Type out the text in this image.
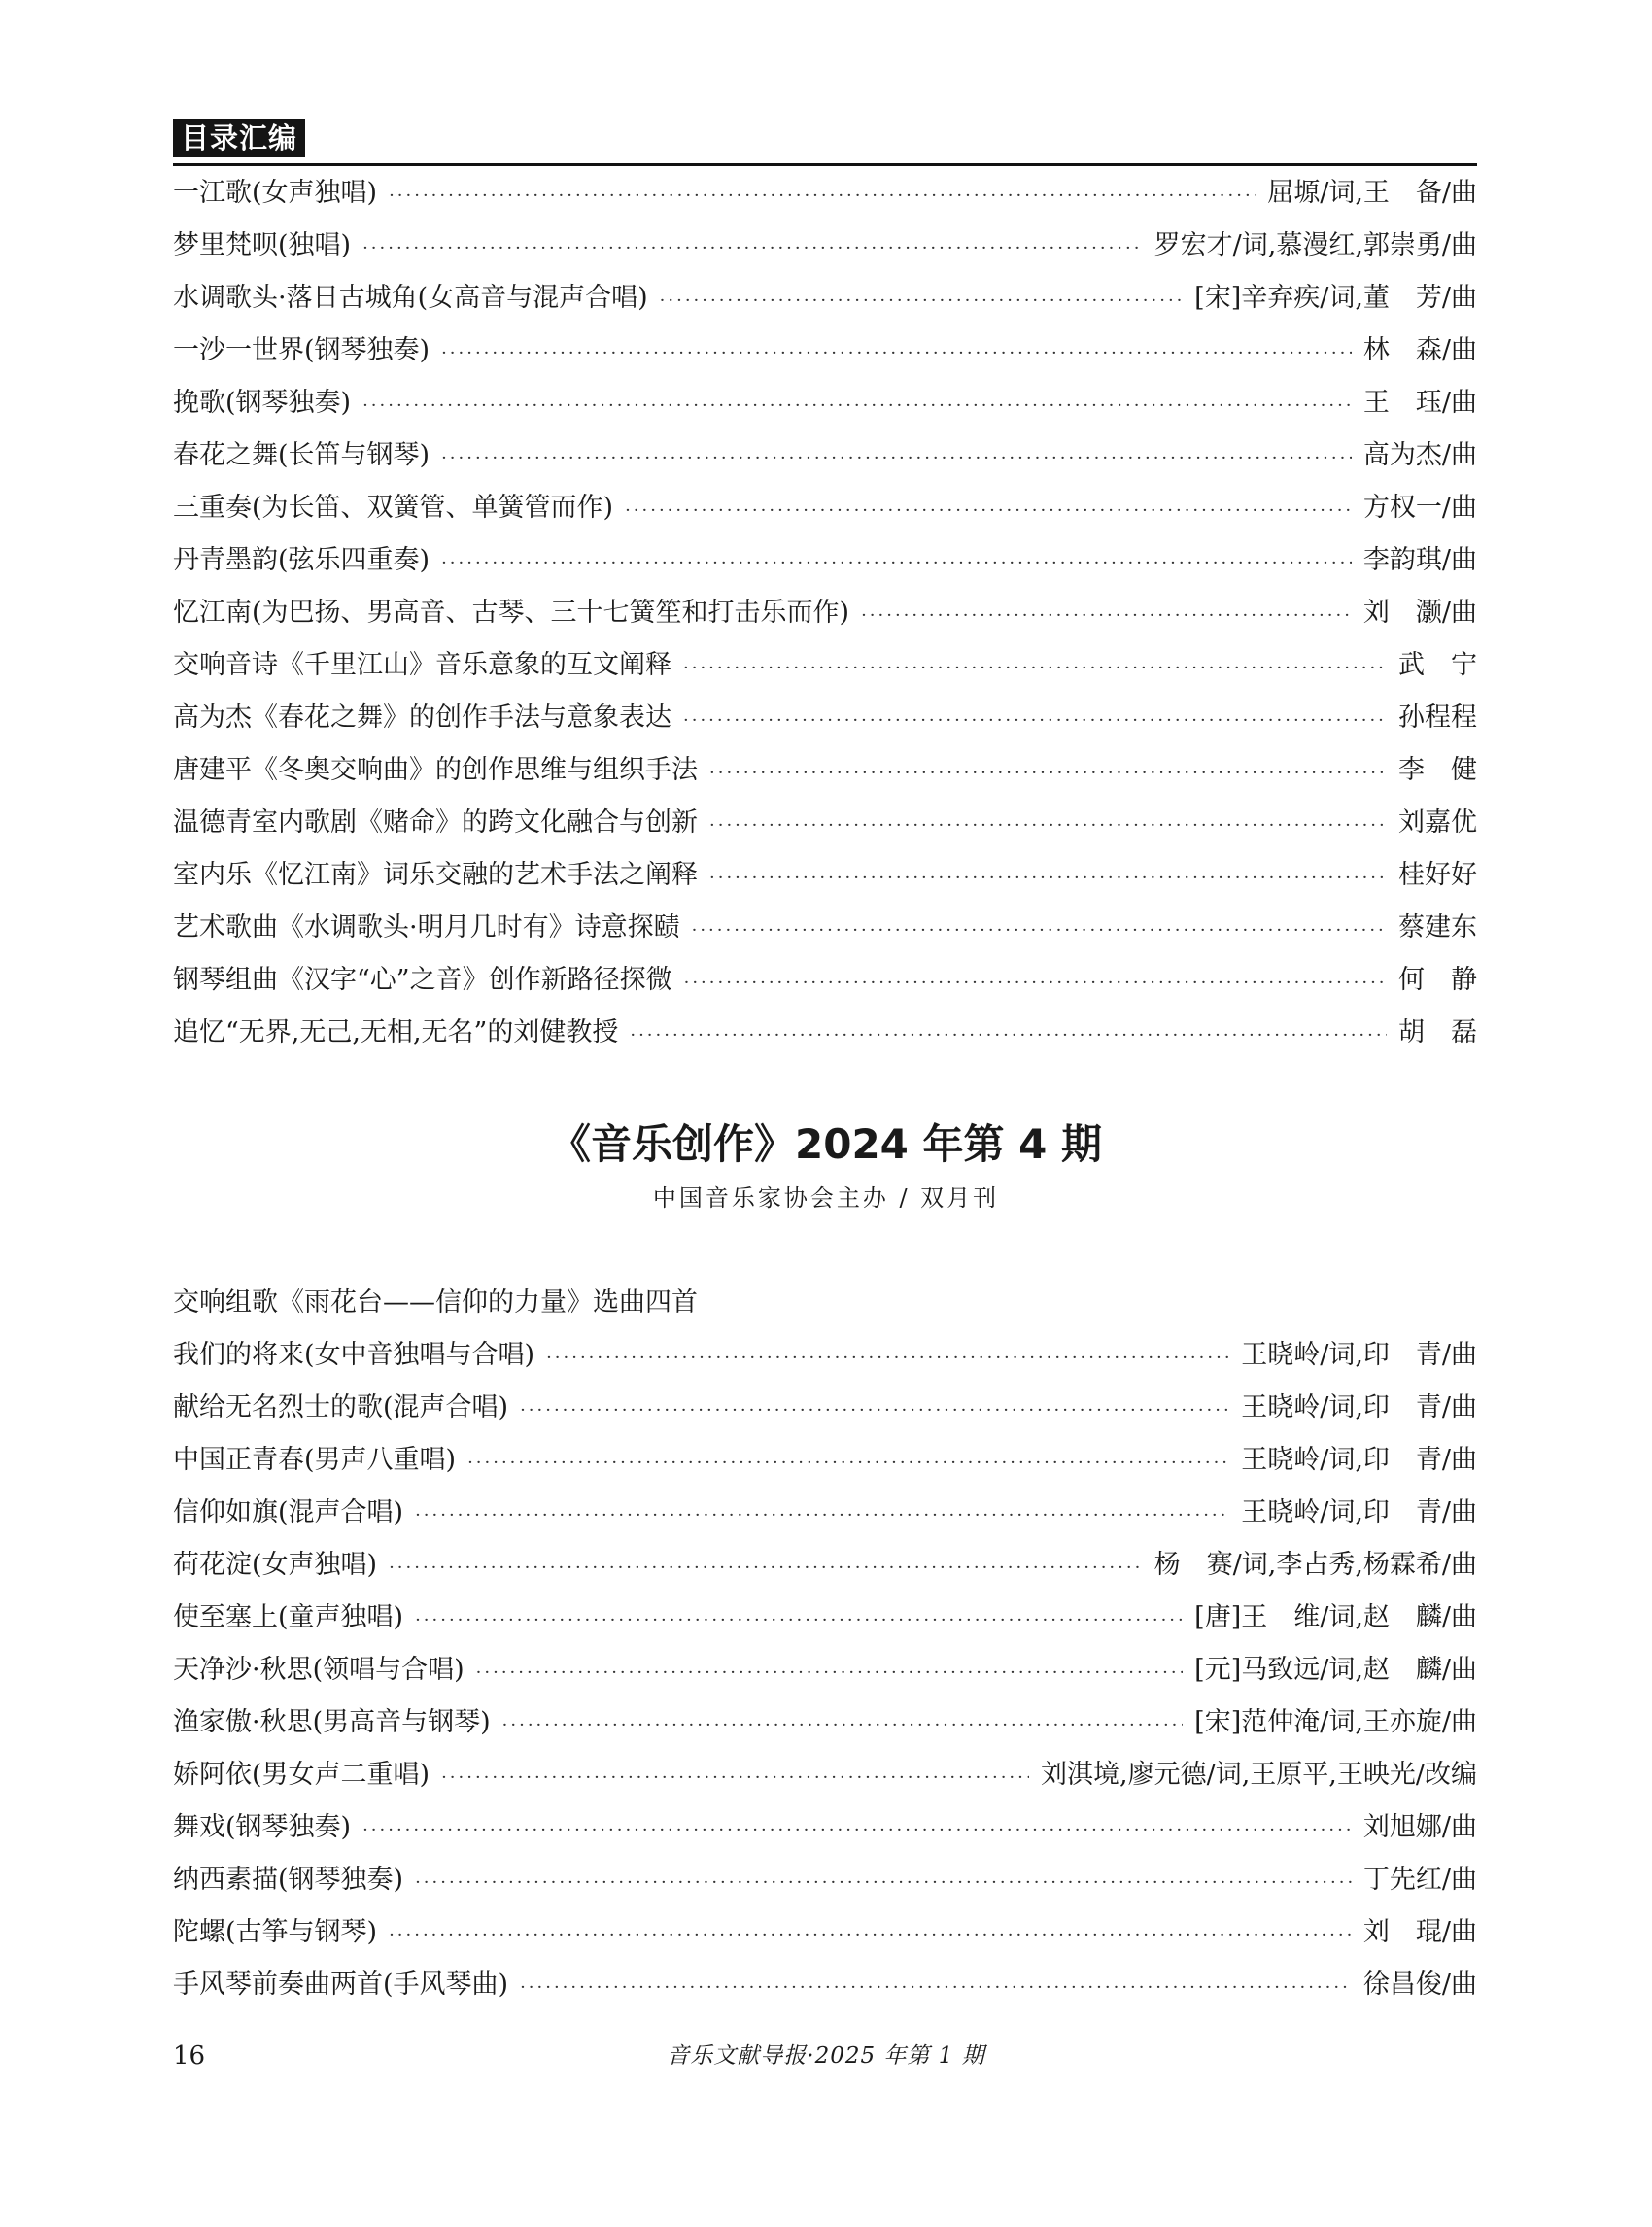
目录汇编
一江歌(女声独唱) ·····	屈塬/词,王　备/曲
梦里梵呗(独唱) ·····	罗宏才/词,慕漫红,郭崇勇/曲
水调歌头·落日古城角(女高音与混声合唱) ·····	[宋]辛弃疾/词,董　芳/曲
一沙一世界(钢琴独奏) ·····	林　森/曲
挽歌(钢琴独奏) ·····	王　珏/曲
春花之舞(长笛与钢琴) ·····	高为杰/曲
三重奏(为长笛、双簧管、单簧管而作) ·····	方权一/曲
丹青墨韵(弦乐四重奏) ·····	李韵琪/曲
忆江南(为巴扬、男高音、古琴、三十七簧笙和打击乐而作) ·····	刘　灏/曲
交响音诗《千里江山》音乐意象的互文阐释 ·····	武　宁
高为杰《春花之舞》的创作手法与意象表达 ·····	孙程程
唐建平《冬奥交响曲》的创作思维与组织手法 ·····	李　健
温德青室内歌剧《赌命》的跨文化融合与创新 ·····	刘嘉优
室内乐《忆江南》词乐交融的艺术手法之阐释 ·····	桂好好
艺术歌曲《水调歌头·明月几时有》诗意探赜 ·····	蔡建东
钢琴组曲《汉字“心”之音》创作新路径探微 ·····	何　静
追忆“无界,无己,无相,无名”的刘健教授 ·····	胡　磊
《音乐创作》2024 年第 4 期
中国音乐家协会主办 / 双月刊
交响组歌《雨花台——信仰的力量》选曲四首
我们的将来(女中音独唱与合唱) ·····	王晓岭/词,印　青/曲
献给无名烈士的歌(混声合唱) ·····	王晓岭/词,印　青/曲
中国正青春(男声八重唱) ·····	王晓岭/词,印　青/曲
信仰如旗(混声合唱) ·····	王晓岭/词,印　青/曲
荷花淀(女声独唱) ·····	杨　赛/词,李占秀,杨霖希/曲
使至塞上(童声独唱) ·····	[唐]王　维/词,赵　麟/曲
天净沙·秋思(领唱与合唱) ·····	[元]马致远/词,赵　麟/曲
渔家傲·秋思(男高音与钢琴) ·····	[宋]范仲淹/词,王亦旋/曲
娇阿依(男女声二重唱) ·····	刘淇境,廖元德/词,王原平,王映光/改编
舞戏(钢琴独奏) ·····	刘旭娜/曲
纳西素描(钢琴独奏) ·····	丁先红/曲
陀螺(古筝与钢琴) ·····	刘　琨/曲
手风琴前奏曲两首(手风琴曲) ·····	徐昌俊/曲
16	音乐文献导报·2025 年第 1 期
